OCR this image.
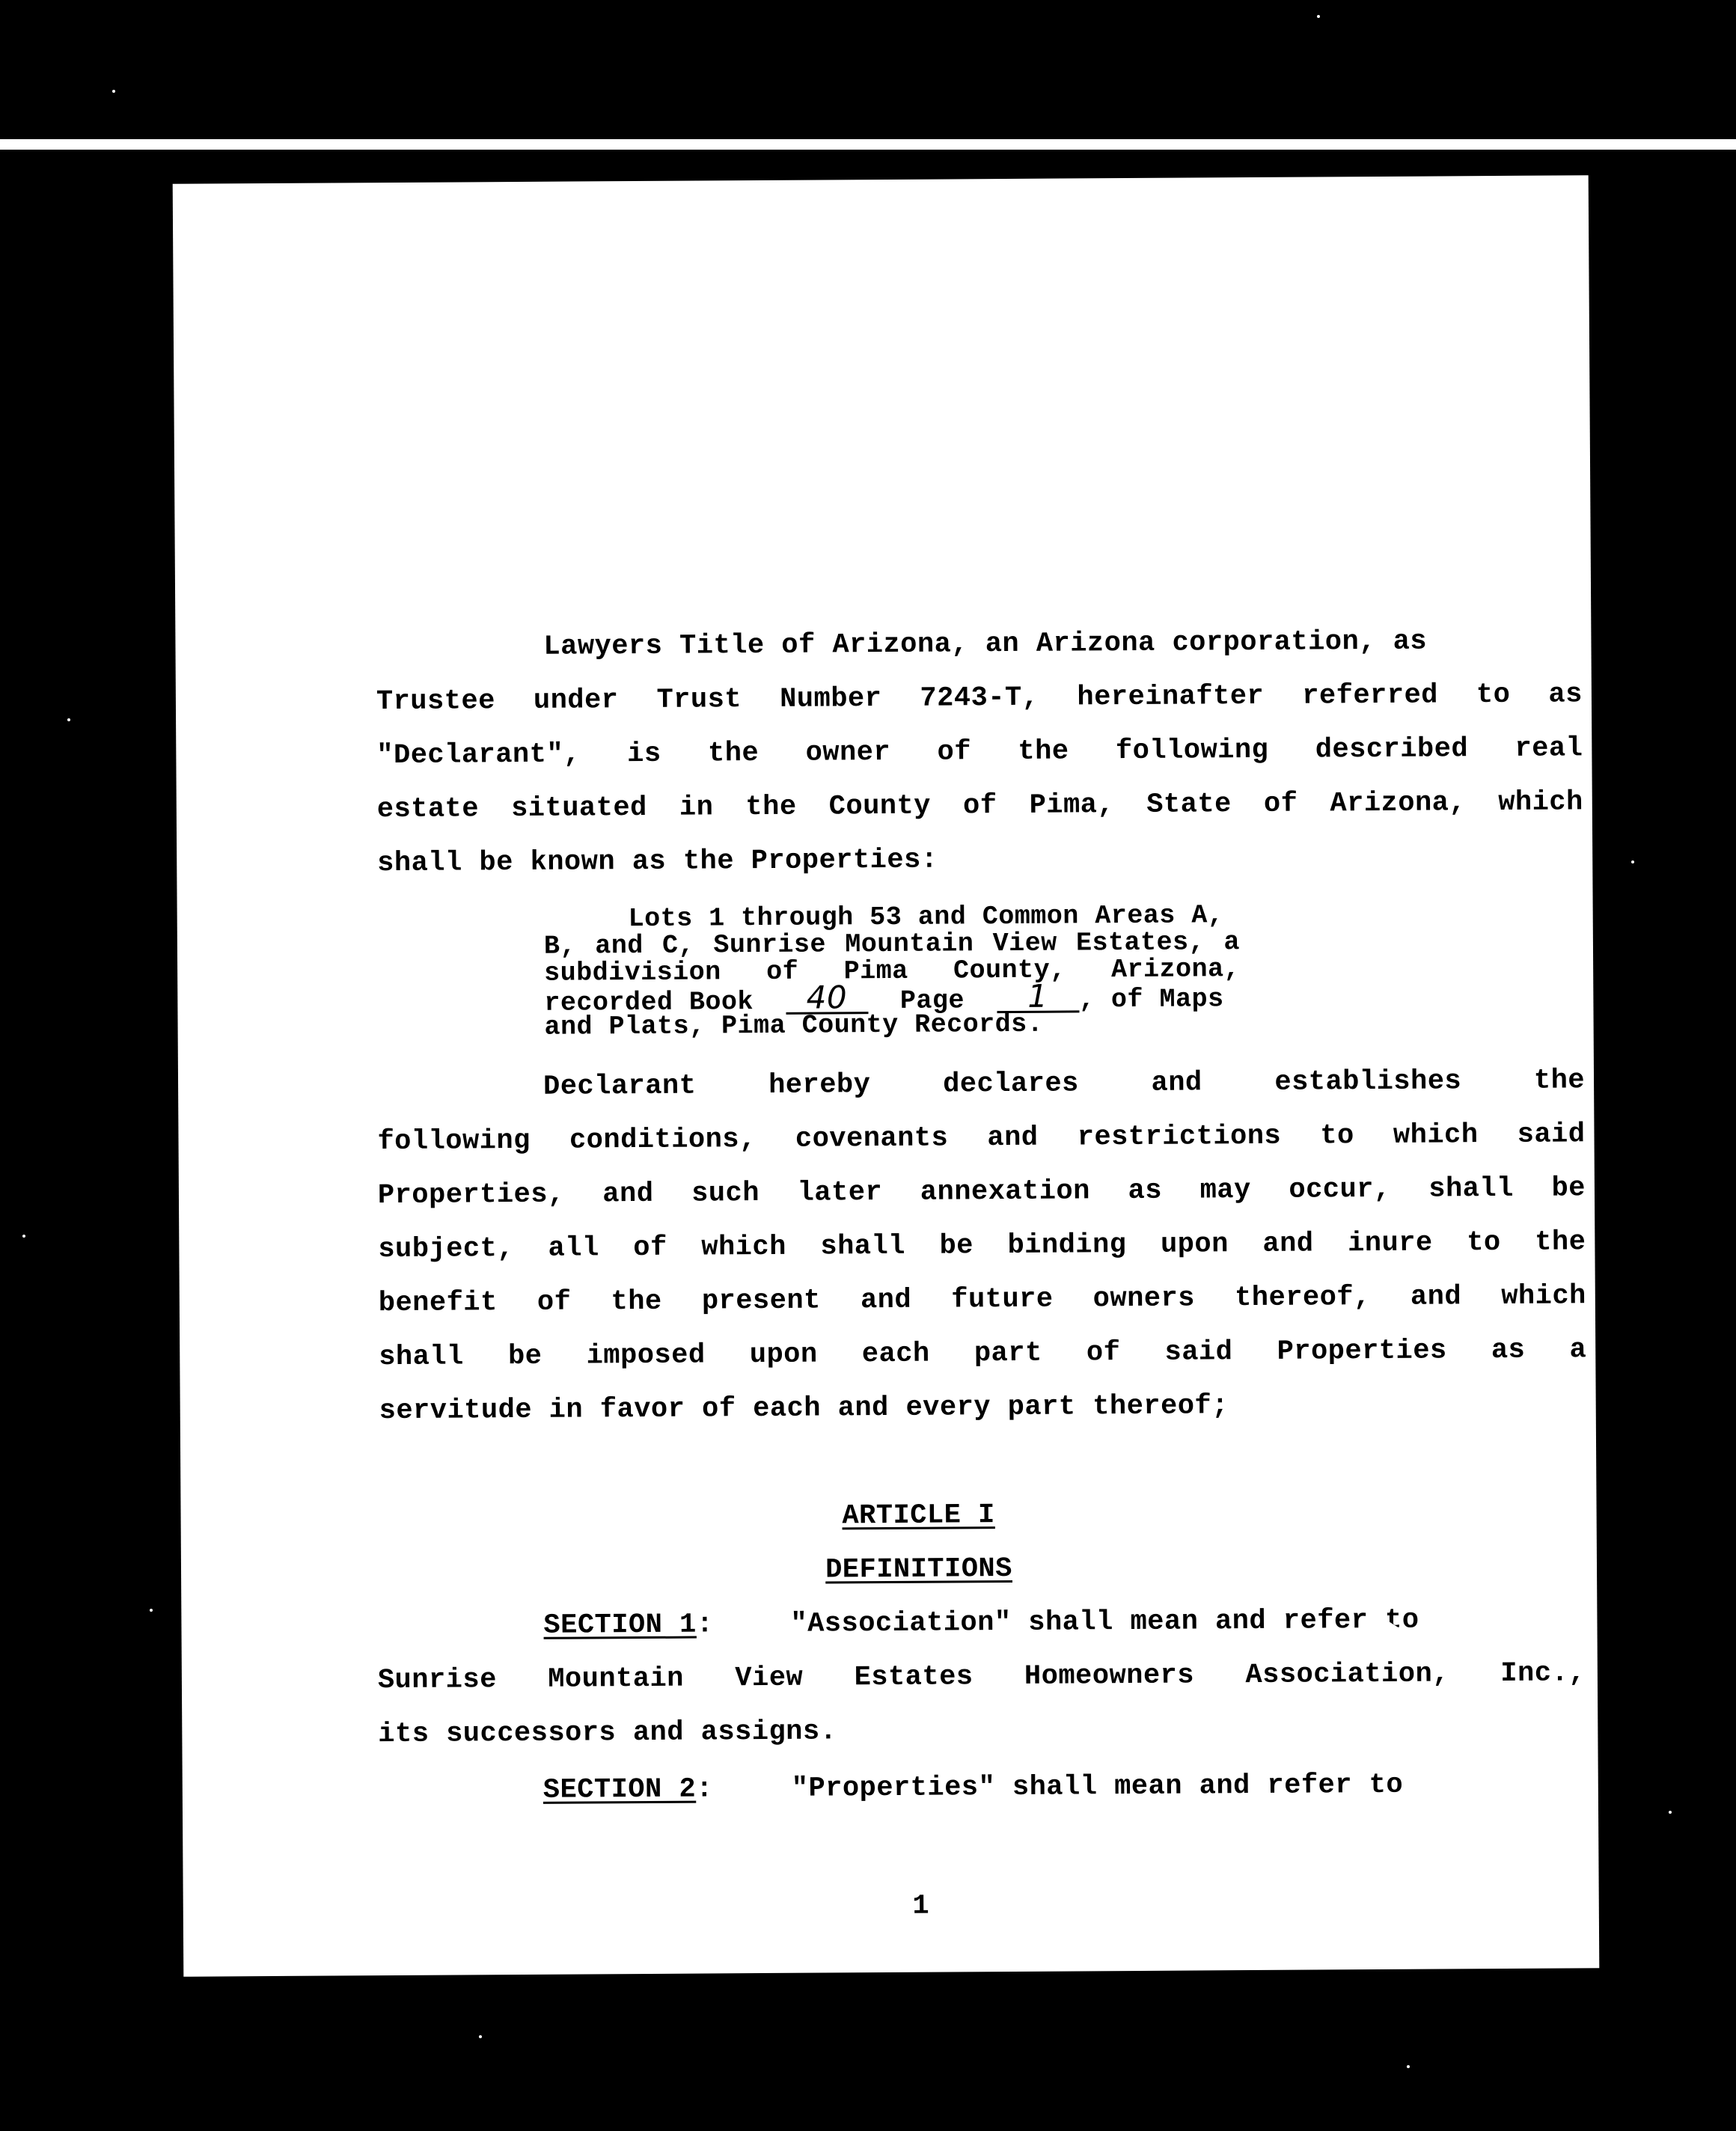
Lawyers Title of Arizona, an Arizona corporation, as
Trustee under Trust Number 7243-T, hereinafter referred to as
"Declarant", is the owner of the following described real
estate situated in the County of Pima, State of Arizona, which
shall be known as the Properties:
Lots 1 through 53 and Common Areas A,
B, and C, Sunrise Mountain View Estates, a
subdivision of Pima County, Arizona,
recorded Book 40 Page 1 , of Maps
and Plats, Pima County Records.
Declarant hereby declares and establishes the
following conditions, covenants and restrictions to which said
Properties, and such later annexation as may occur, shall be
subject, all of which shall be binding upon and inure to the
benefit of the present and future owners thereof, and which
shall be imposed upon each part of said Properties as a
servitude in favor of each and every part thereof;
ARTICLE I
DEFINITIONS
SECTION 1:	"Association" shall mean and refer to
Sunrise Mountain View Estates Homeowners Association, Inc.,
its successors and assigns.
SECTION 2:	"Properties" shall mean and refer to
1
7852 1224
